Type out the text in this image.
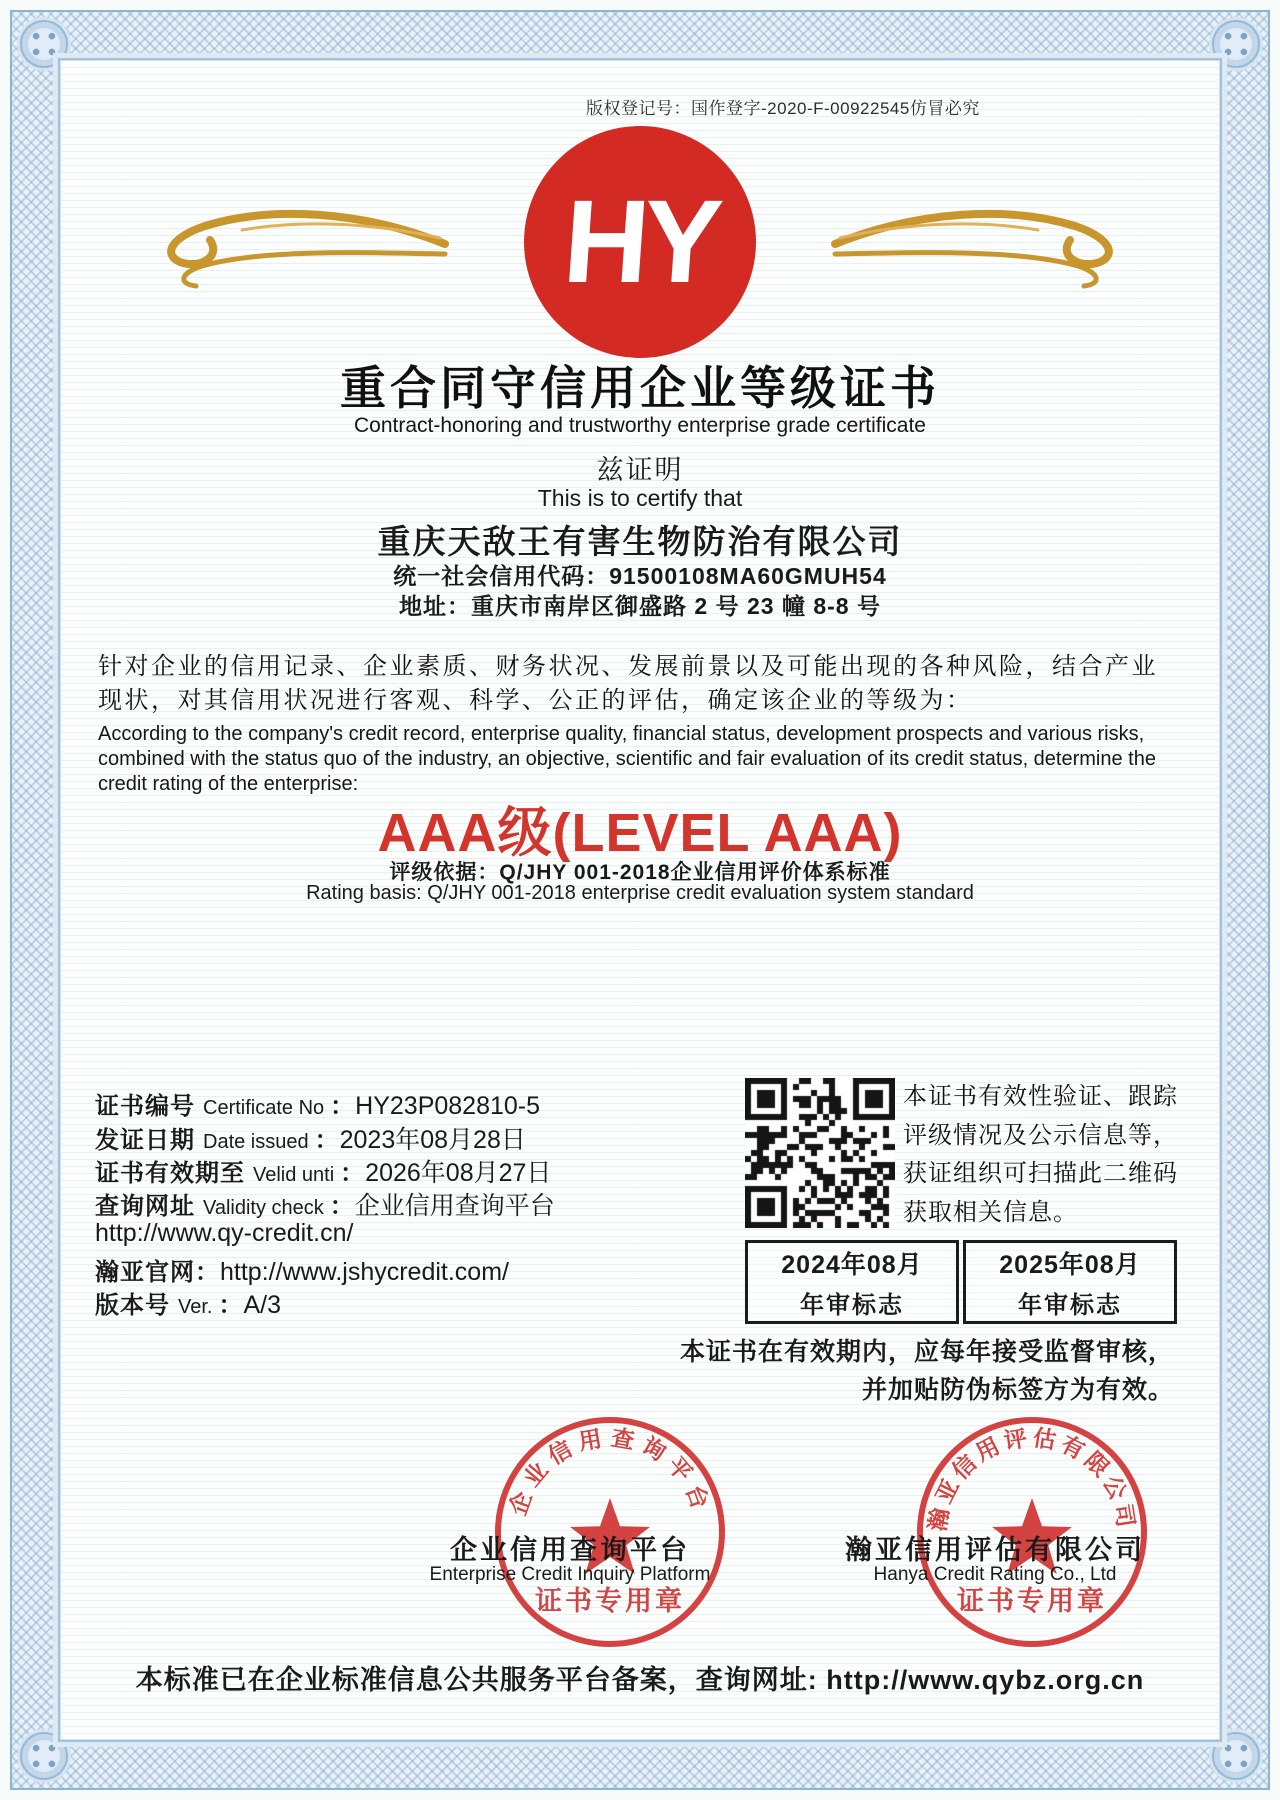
版权登记号：国作登字-2020-F-00922545仿冒必究
HY
重合同守信用企业等级证书
Contract-honoring and trustworthy enterprise grade certificate
兹证明
This is to certify that
重庆天敌王有害生物防治有限公司
统一社会信用代码：91500108MA60GMUH54
地址：重庆市南岸区御盛路 2 号 23 幢 8-8 号
针对企业的信用记录、企业素质、财务状况、发展前景以及可能出现的各种风险，结合产业
现状，对其信用状况进行客观、科学、公正的评估，确定该企业的等级为：
According to the company's credit record, enterprise quality, financial status, development prospects and various risks, combined with the status quo of the industry, an objective, scientific and fair evaluation of its credit status, determine the credit rating of the enterprise:
AAA级(LEVEL AAA)
评级依据：Q/JHY 001-2018企业信用评价体系标准
Rating basis: Q/JHY 001-2018 enterprise credit evaluation system standard
证书编号 Certificate No ： HY23P082810-5
发证日期 Date issued ： 2023年08月28日
证书有效期至 Velid unti ： 2026年08月27日
查询网址 Validity check ： 企业信用查询平台
http://www.qy-credit.cn/
瀚亚官网 ： http://www.jshycredit.com/
版本号 Ver. ： A/3
本证书有效性验证、跟踪
评级情况及公示信息等，
获证组织可扫描此二维码
获取相关信息。
2024年08月
年审标志
2025年08月
年审标志
本证书在有效期内，应每年接受监督审核，
并加贴防伪标签方为有效。
企业信用查询平台
证书专用章
瀚亚信用评估有限公司
证书专用章
企业信用查询平台
Enterprise Credit Inquiry Platform
瀚亚信用评估有限公司
Hanya Credit Rating Co., Ltd
本标准已在企业标准信息公共服务平台备案，查询网址: http://www.qybz.org.cn
